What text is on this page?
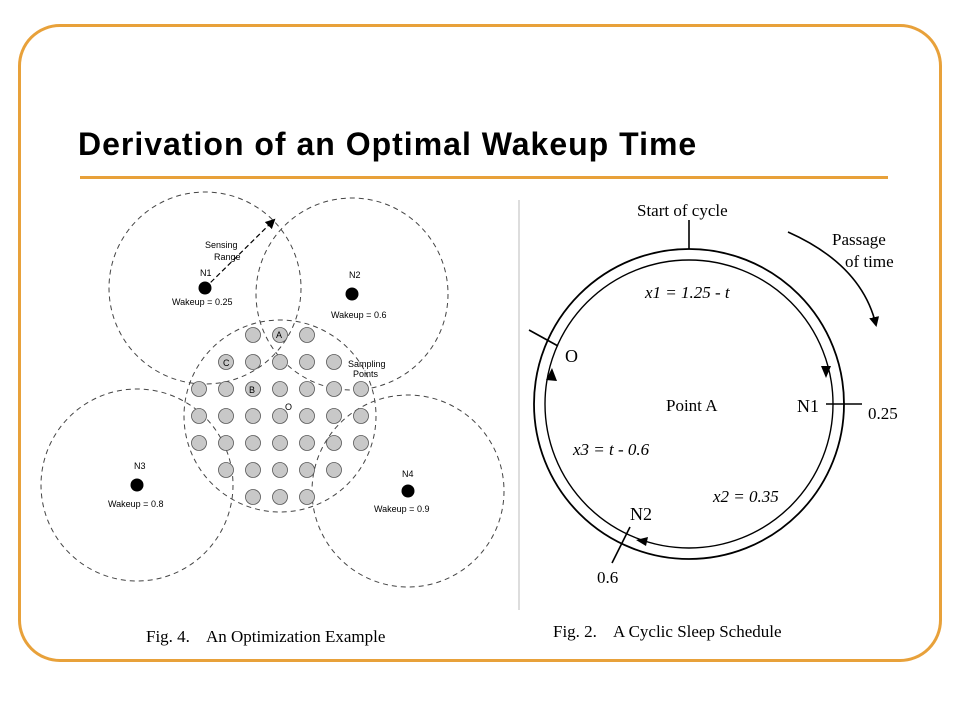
Derivation of an Optimal Wakeup Time
Sensing
Range
Sampling
Points
A
C
B
O
N1
Wakeup = 0.25
N2
Wakeup = 0.6
N3
Wakeup = 0.8
N4
Wakeup = 0.9
Fig. 4.    An Optimization Example
Start of cycle
Passage
of time
x1 = 1.25 - t
x2 = 0.35
x3 = t - 0.6
Point A
O
N1
N2
0.25
0.6
Fig. 2.    A Cyclic Sleep Schedule
